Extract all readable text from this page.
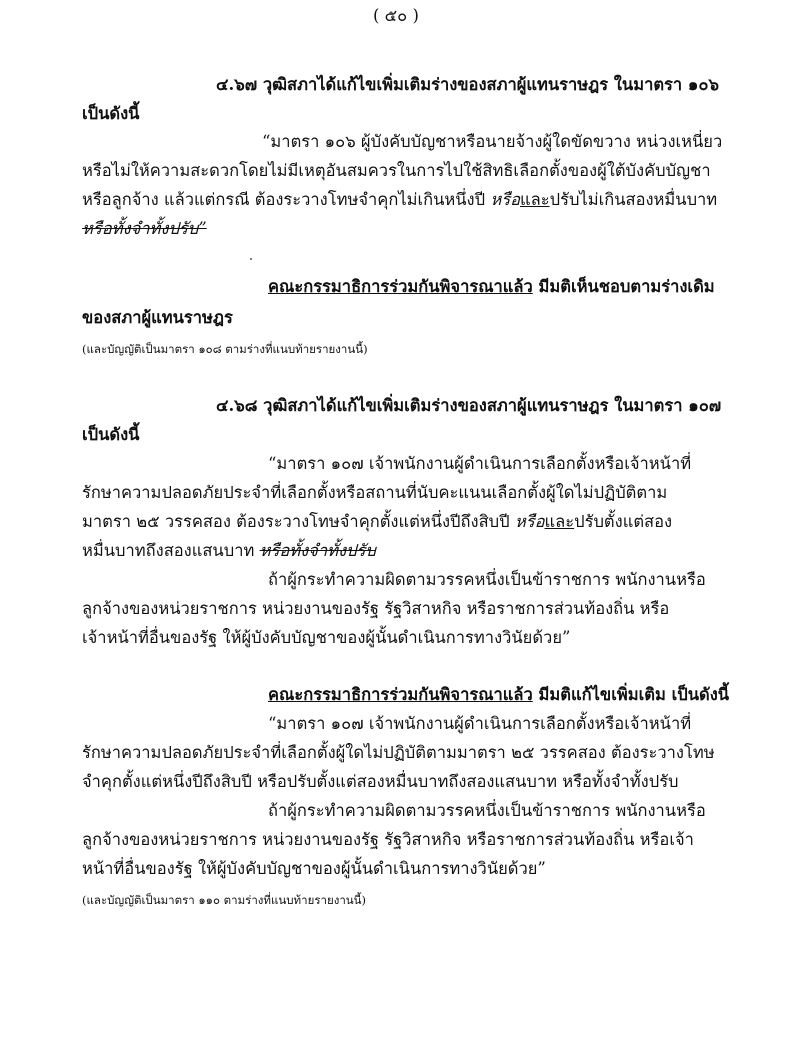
( ๕๐ )
๔.๖๗ วุฒิสภาได้แก้ไขเพิ่มเติมร่างของสภาผู้แทนราษฎร ในมาตรา ๑๐๖
เป็นดังนี้
“มาตรา ๑๐๖ ผู้บังคับบัญชาหรือนายจ้างผู้ใดขัดขวาง หน่วงเหนี่ยว
หรือไม่ให้ความสะดวกโดยไม่มีเหตุอันสมควรในการไปใช้สิทธิเลือกตั้งของผู้ใต้บังคับบัญชา
หรือลูกจ้าง แล้วแต่กรณี ต้องระวางโทษจำคุกไม่เกินหนึ่งปี หรือและปรับไม่เกินสองหมื่นบาท
หรือทั้งจำทั้งปรับ”
คณะกรรมาธิการร่วมกันพิจารณาแล้ว มีมติเห็นชอบตามร่างเดิม
ของสภาผู้แทนราษฎร
(และบัญญัติเป็นมาตรา ๑๐๘ ตามร่างที่แนบท้ายรายงานนี้)
๔.๖๘ วุฒิสภาได้แก้ไขเพิ่มเติมร่างของสภาผู้แทนราษฎร ในมาตรา ๑๐๗
เป็นดังนี้
“มาตรา ๑๐๗ เจ้าพนักงานผู้ดำเนินการเลือกตั้งหรือเจ้าหน้าที่
รักษาความปลอดภัยประจำที่เลือกตั้งหรือสถานที่นับคะแนนเลือกตั้งผู้ใดไม่ปฏิบัติตาม
มาตรา ๒๕ วรรคสอง ต้องระวางโทษจำคุกตั้งแต่หนึ่งปีถึงสิบปี หรือและปรับตั้งแต่สอง
หมื่นบาทถึงสองแสนบาท หรือทั้งจำทั้งปรับ
ถ้าผู้กระทำความผิดตามวรรคหนึ่งเป็นข้าราชการ พนักงานหรือ
ลูกจ้างของหน่วยราชการ หน่วยงานของรัฐ รัฐวิสาหกิจ หรือราชการส่วนท้องถิ่น หรือ
เจ้าหน้าที่อื่นของรัฐ ให้ผู้บังคับบัญชาของผู้นั้นดำเนินการทางวินัยด้วย”
คณะกรรมาธิการร่วมกันพิจารณาแล้ว มีมติแก้ไขเพิ่มเติม เป็นดังนี้
“มาตรา ๑๐๗ เจ้าพนักงานผู้ดำเนินการเลือกตั้งหรือเจ้าหน้าที่
รักษาความปลอดภัยประจำที่เลือกตั้งผู้ใดไม่ปฏิบัติตามมาตรา ๒๕ วรรคสอง ต้องระวางโทษ
จำคุกตั้งแต่หนึ่งปีถึงสิบปี หรือปรับตั้งแต่สองหมื่นบาทถึงสองแสนบาท หรือทั้งจำทั้งปรับ
ถ้าผู้กระทำความผิดตามวรรคหนึ่งเป็นข้าราชการ พนักงานหรือ
ลูกจ้างของหน่วยราชการ หน่วยงานของรัฐ รัฐวิสาหกิจ หรือราชการส่วนท้องถิ่น หรือเจ้า
หน้าที่อื่นของรัฐ ให้ผู้บังคับบัญชาของผู้นั้นดำเนินการทางวินัยด้วย”
(และบัญญัติเป็นมาตรา ๑๑๐ ตามร่างที่แนบท้ายรายงานนี้)
